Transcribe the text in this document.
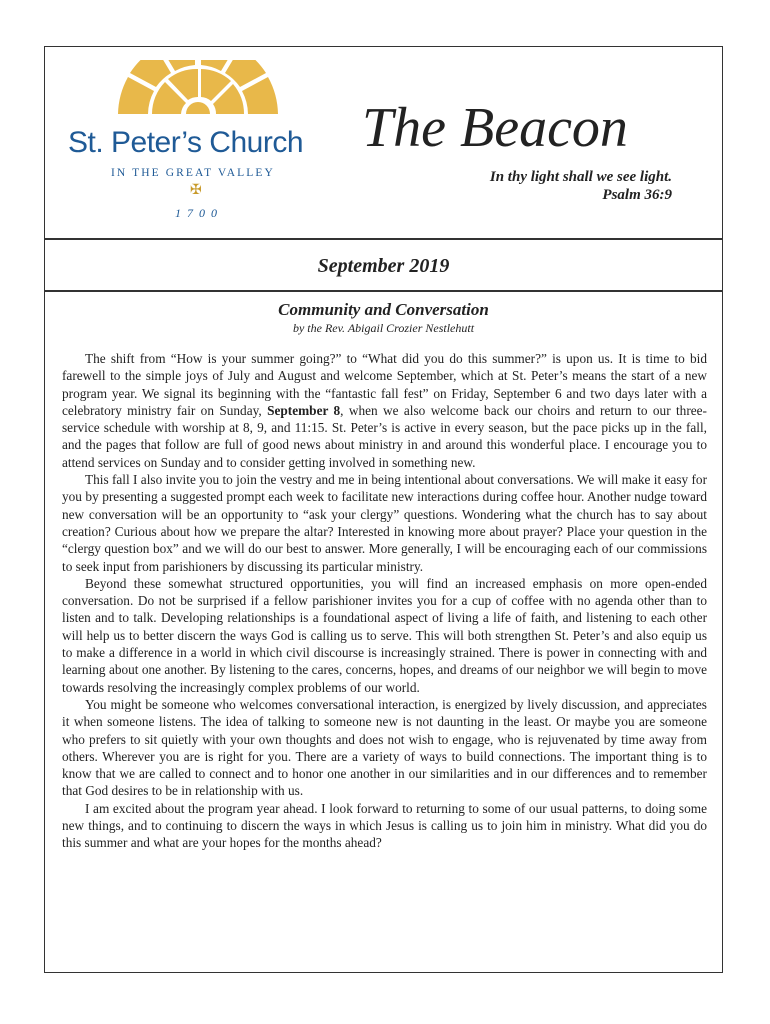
St. Peter’s Church
IN THE GREAT VALLEY
✠
1700
The Beacon
In thy light shall we see light.
Psalm 36:9
September 2019
Community and Conversation
by the Rev. Abigail Crozier Nestlehutt

The shift from “How is your summer going?” to “What did you do this summer?” is upon us. It is time to bid farewell to the simple joys of July and August and welcome September, which at St. Peter’s means the start of a new program year. We signal its beginning with the “fantastic fall fest” on Friday, September 6 and two days later with a celebratory ministry fair on Sunday, September 8, when we also welcome back our choirs and return to our three-service schedule with worship at 8, 9, and 11:15. St. Peter’s is active in every season, but the pace picks up in the fall, and the pages that follow are full of good news about ministry in and around this wonderful place. I encourage you to attend services on Sunday and to consider getting involved in something new.

This fall I also invite you to join the vestry and me in being intentional about conversations. We will make it easy for you by presenting a suggested prompt each week to facilitate new interactions during coffee hour. Another nudge toward new conversation will be an opportunity to “ask your clergy” questions. Wondering what the church has to say about creation? Curious about how we prepare the altar? Interested in knowing more about prayer? Place your question in the “clergy question box” and we will do our best to answer. More generally, I will be encouraging each of our commissions to seek input from parishioners by discussing its particular ministry.

Beyond these somewhat structured opportunities, you will find an increased emphasis on more open-ended conversation. Do not be surprised if a fellow parishioner invites you for a cup of coffee with no agenda other than to listen and to talk. Developing relationships is a foundational aspect of living a life of faith, and listening to each other will help us to better discern the ways God is calling us to serve. This will both strengthen St. Peter’s and also equip us to make a difference in a world in which civil discourse is increasingly strained. There is power in connecting with and learning about one another. By listening to the cares, concerns, hopes, and dreams of our neighbor we will begin to move towards resolving the increasingly complex problems of our world.

You might be someone who welcomes conversational interaction, is energized by lively discussion, and appreciates it when someone listens. The idea of talking to someone new is not daunting in the least. Or maybe you are someone who prefers to sit quietly with your own thoughts and does not wish to engage, who is rejuvenated by time away from others. Wherever you are is right for you. There are a variety of ways to build connections. The important thing is to know that we are called to connect and to honor one another in our similarities and in our differences and to remember that God desires to be in relationship with us.

I am excited about the program year ahead. I look forward to returning to some of our usual patterns, to doing some new things, and to continuing to discern the ways in which Jesus is calling us to join him in ministry. What did you do this summer and what are your hopes for the months ahead?
